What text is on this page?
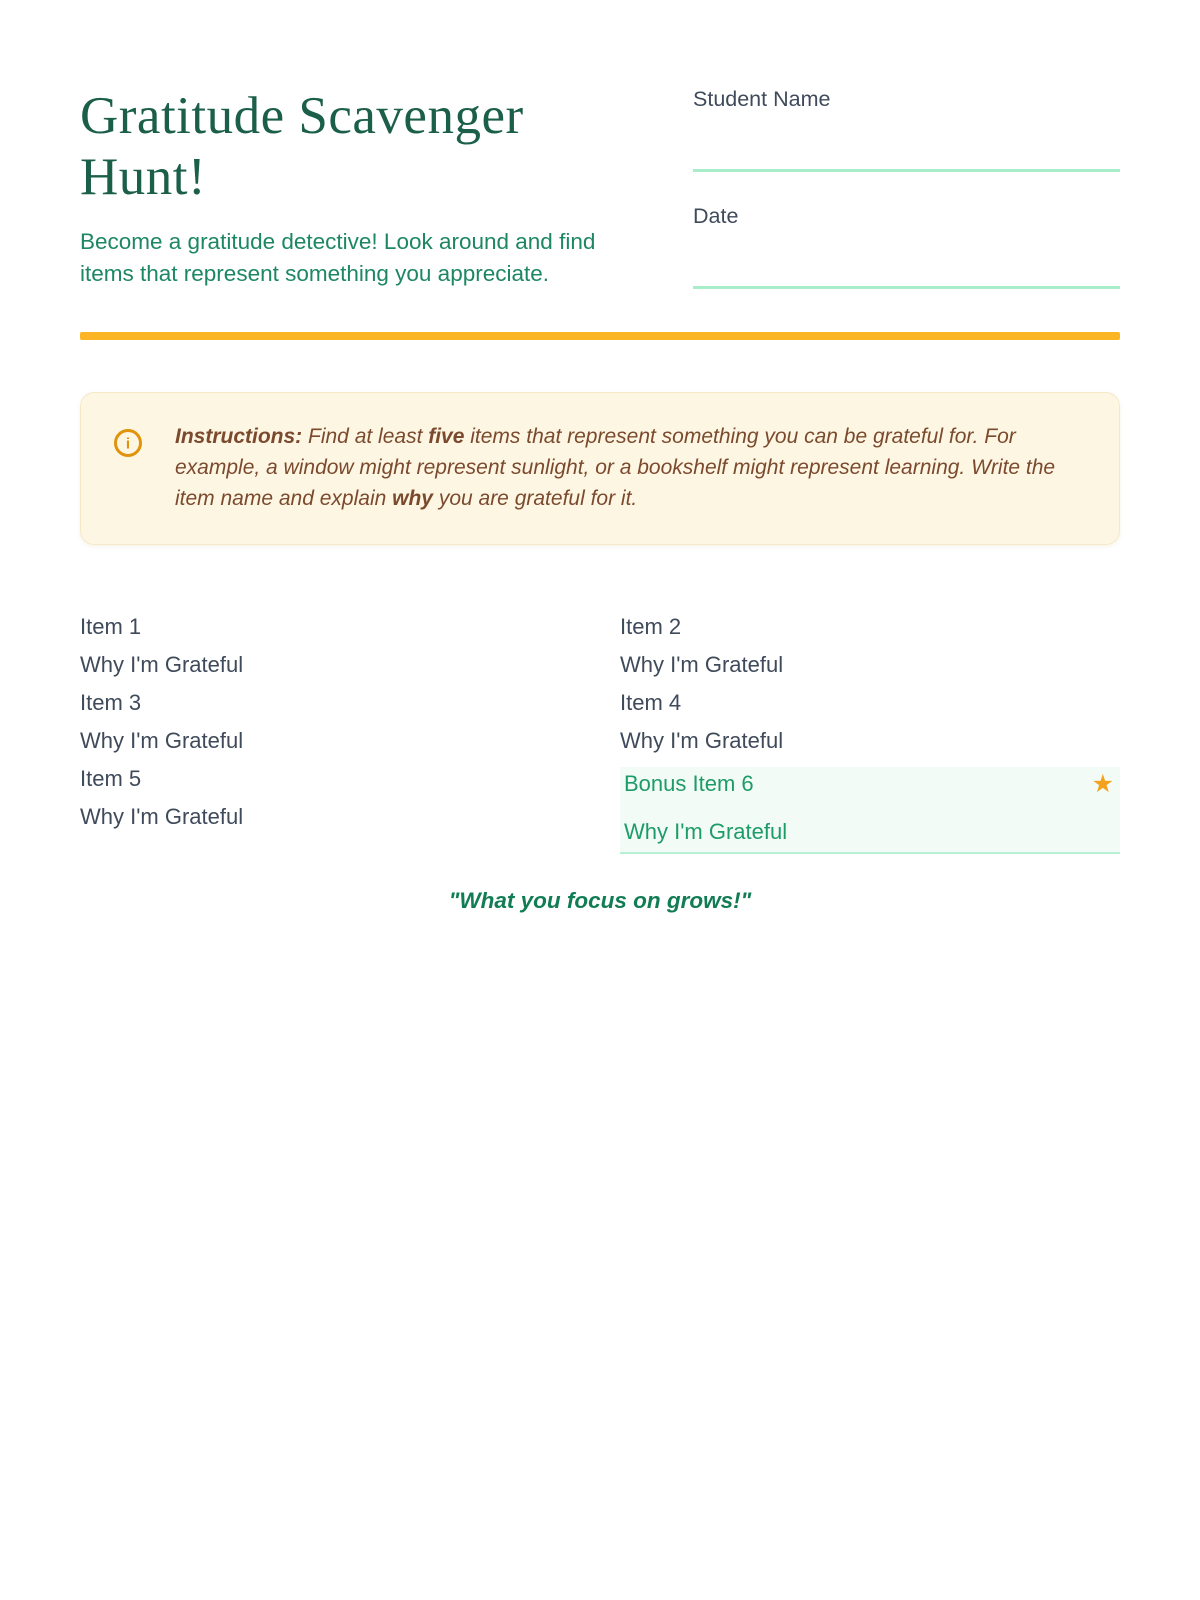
Gratitude Scavenger Hunt!

Become a gratitude detective! Look around and find items that represent something you appreciate.

Student Name
Date
i Instructions: Find at least five items that represent something you can be grateful for. For example, a window might represent sunlight, or a bookshelf might represent learning. Write the item name and explain why you are grateful for it.

Item 1
Why I'm Grateful
Item 3
Why I'm Grateful
Item 5
Why I'm Grateful
Item 2
Why I'm Grateful
Item 4
Why I'm Grateful
Bonus Item 6	★
Why I'm Grateful

"What you focus on grows!"
